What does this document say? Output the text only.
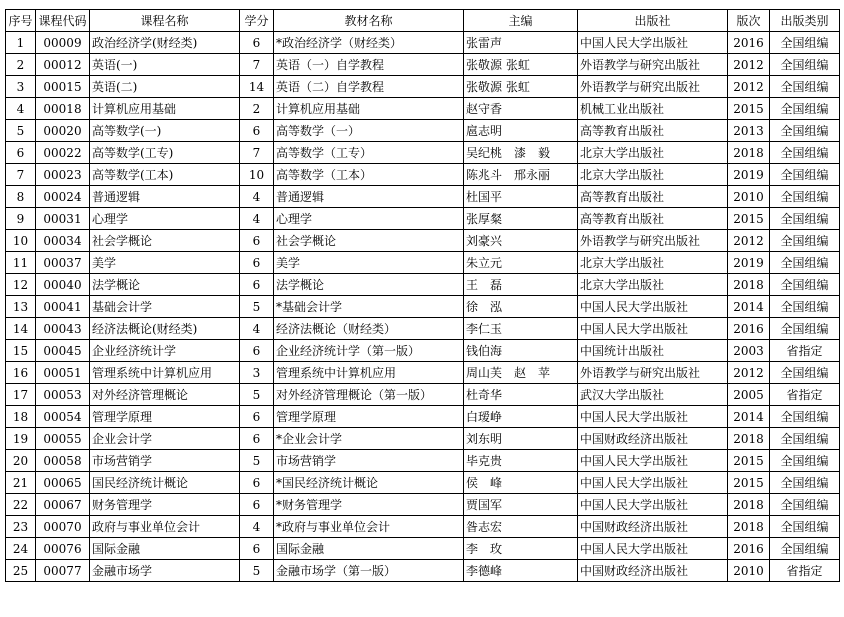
序号	课程代码	课程名称	学分	教材名称	主编	出版社	版次	出版类别
1	00009	政治经济学(财经类)	6	*政治经济学（财经类）	张雷声	中国人民大学出版社	2016	全国组编
2	00012	英语(一)	7	英语（一）自学教程	张敬源 张虹	外语教学与研究出版社	2012	全国组编
3	00015	英语(二)	14	英语（二）自学教程	张敬源 张虹	外语教学与研究出版社	2012	全国组编
4	00018	计算机应用基础	2	计算机应用基础	赵守香	机械工业出版社	2015	全国组编
5	00020	高等数学(一)	6	高等数学（一）	扈志明	高等教育出版社	2013	全国组编
6	00022	高等数学(工专)	7	高等数学（工专）	吴纪桃　漆　毅	北京大学出版社	2018	全国组编
7	00023	高等数学(工本)	10	高等数学（工本）	陈兆斗　邢永丽	北京大学出版社	2019	全国组编
8	00024	普通逻辑	4	普通逻辑	杜国平	高等教育出版社	2010	全国组编
9	00031	心理学	4	心理学	张厚粲	高等教育出版社	2015	全国组编
10	00034	社会学概论	6	社会学概论	刘豪兴	外语教学与研究出版社	2012	全国组编
11	00037	美学	6	美学	朱立元	北京大学出版社	2019	全国组编
12	00040	法学概论	6	法学概论	王　磊	北京大学出版社	2018	全国组编
13	00041	基础会计学	5	*基础会计学	徐　泓	中国人民大学出版社	2014	全国组编
14	00043	经济法概论(财经类)	4	经济法概论（财经类）	李仁玉	中国人民大学出版社	2016	全国组编
15	00045	企业经济统计学	6	企业经济统计学（第一版）	钱伯海	中国统计出版社	2003	省指定
16	00051	管理系统中计算机应用	3	管理系统中计算机应用	周山芙　赵　苹	外语教学与研究出版社	2012	全国组编
17	00053	对外经济管理概论	5	对外经济管理概论（第一版）	杜奇华	武汉大学出版社	2005	省指定
18	00054	管理学原理	6	管理学原理	白瑷峥	中国人民大学出版社	2014	全国组编
19	00055	企业会计学	6	*企业会计学	刘东明	中国财政经济出版社	2018	全国组编
20	00058	市场营销学	5	市场营销学	毕克贵	中国人民大学出版社	2015	全国组编
21	00065	国民经济统计概论	6	*国民经济统计概论	侯　峰	中国人民大学出版社	2015	全国组编
22	00067	财务管理学	6	*财务管理学	贾国军	中国人民大学出版社	2018	全国组编
23	00070	政府与事业单位会计	4	*政府与事业单位会计	昝志宏	中国财政经济出版社	2018	全国组编
24	00076	国际金融	6	国际金融	李　玫	中国人民大学出版社	2016	全国组编
25	00077	金融市场学	5	金融市场学（第一版）	李德峰	中国财政经济出版社	2010	省指定
